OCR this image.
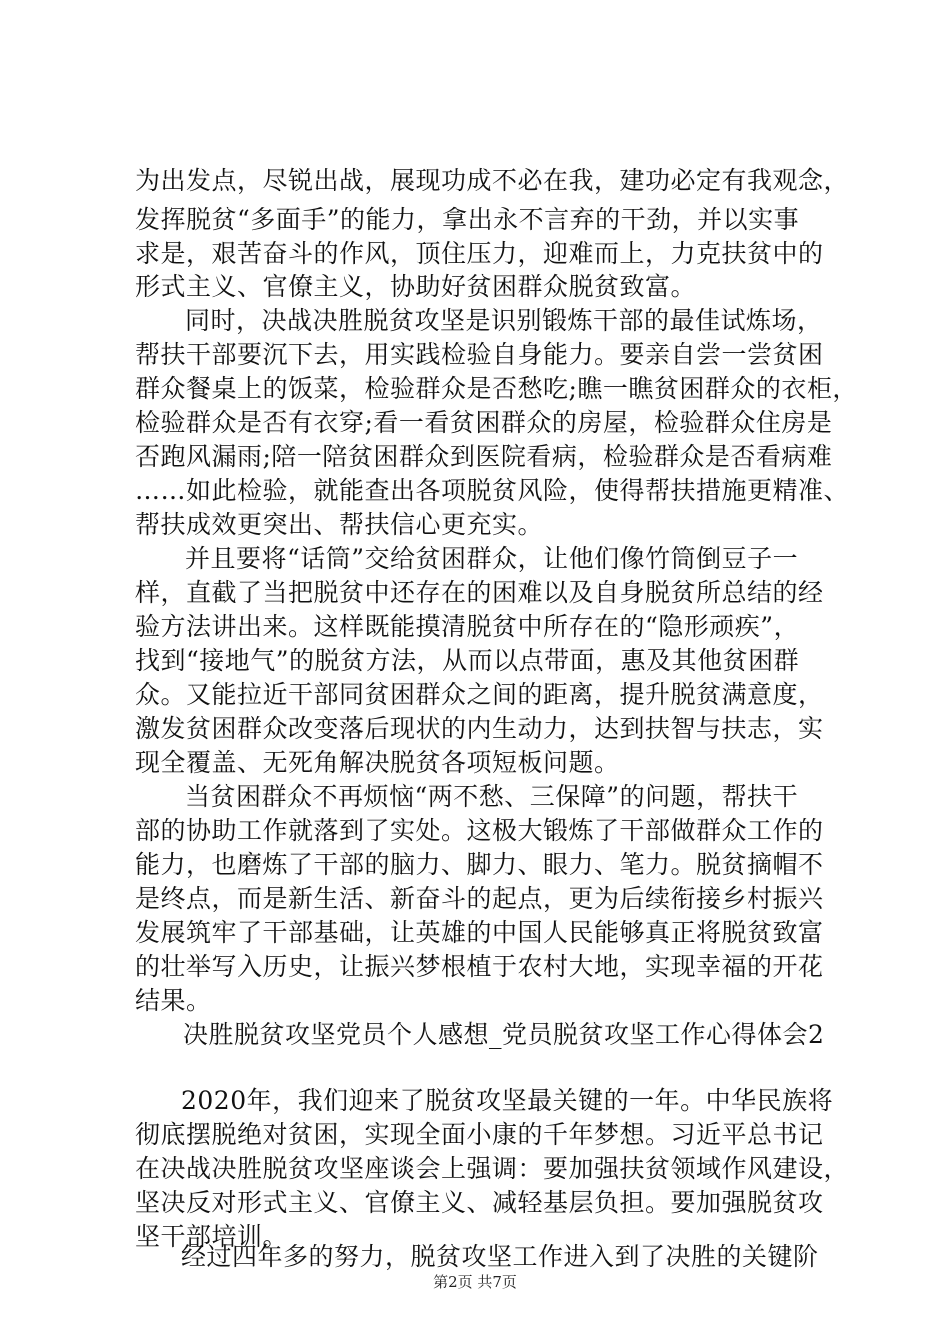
为出发点，尽锐出战，展现功成不必在我，建功必定有我观念，
发挥脱贫“多面手”的能力，拿出永不言弃的干劲，并以实事
求是，艰苦奋斗的作风，顶住压力，迎难而上，力克扶贫中的
形式主义、官僚主义，协助好贫困群众脱贫致富。
同时，决战决胜脱贫攻坚是识别锻炼干部的最佳试炼场，
帮扶干部要沉下去，用实践检验自身能力。要亲自尝一尝贫困
群众餐桌上的饭菜，检验群众是否愁吃;瞧一瞧贫困群众的衣柜，
检验群众是否有衣穿;看一看贫困群众的房屋，检验群众住房是
否跑风漏雨;陪一陪贫困群众到医院看病，检验群众是否看病难
……如此检验，就能查出各项脱贫风险，使得帮扶措施更精准、
帮扶成效更突出、帮扶信心更充实。
并且要将“话筒”交给贫困群众，让他们像竹筒倒豆子一
样，直截了当把脱贫中还存在的困难以及自身脱贫所总结的经
验方法讲出来。这样既能摸清脱贫中所存在的“隐形顽疾”，
找到“接地气”的脱贫方法，从而以点带面，惠及其他贫困群
众。又能拉近干部同贫困群众之间的距离，提升脱贫满意度，
激发贫困群众改变落后现状的内生动力，达到扶智与扶志，实
现全覆盖、无死角解决脱贫各项短板问题。
当贫困群众不再烦恼“两不愁、三保障”的问题，帮扶干
部的协助工作就落到了实处。这极大锻炼了干部做群众工作的
能力，也磨炼了干部的脑力、脚力、眼力、笔力。脱贫摘帽不
是终点，而是新生活、新奋斗的起点，更为后续衔接乡村振兴
发展筑牢了干部基础，让英雄的中国人民能够真正将脱贫致富
的壮举写入历史，让振兴梦根植于农村大地，实现幸福的开花
结果。
决胜脱贫攻坚党员个人感想_党员脱贫攻坚工作心得体会2
2020年，我们迎来了脱贫攻坚最关键的一年。中华民族将
彻底摆脱绝对贫困，实现全面小康的千年梦想。习近平总书记
在决战决胜脱贫攻坚座谈会上强调：要加强扶贫领域作风建设，
坚决反对形式主义、官僚主义、减轻基层负担。要加强脱贫攻
坚干部培训。
第2页 共7页
经过四年多的努力，脱贫攻坚工作进入到了决胜的关键阶
